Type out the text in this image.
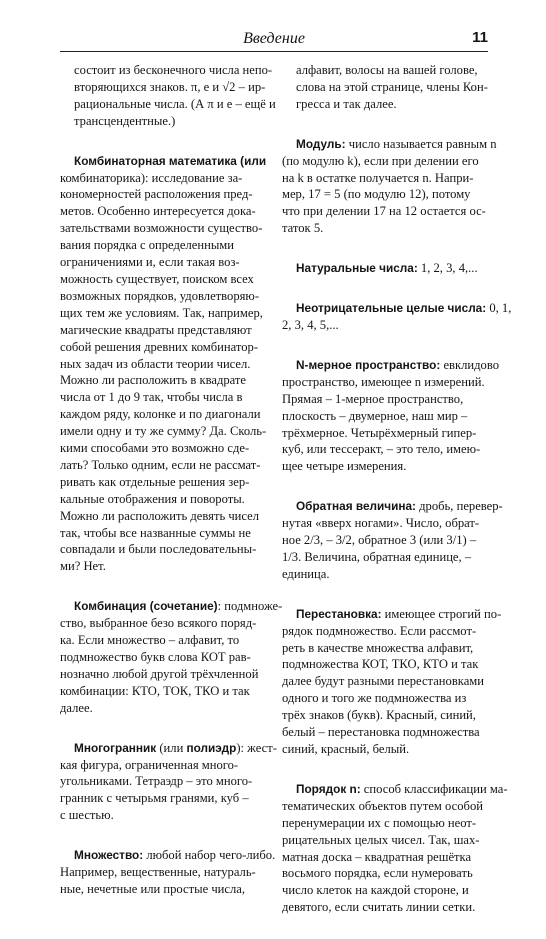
Введение	11
состоит из бесконечного числа непо-
вторяющихся знаков. π, e и √2 – ир-
рациональные числа. (А π и e – ещё и
трансцендентные.)
Комбинаторная математика (или
комбинаторика): исследование за-
кономерностей расположения пред-
метов. Особенно интересуется дока-
зательствами возможности существо-
вания порядка с определенными
ограничениями и, если такая воз-
можность существует, поиском всех
возможных порядков, удовлетворяю-
щих тем же условиям. Так, например,
магические квадраты представляют
собой решения древних комбинатор-
ных задач из области теории чисел.
Можно ли расположить в квадрате
числа от 1 до 9 так, чтобы числа в
каждом ряду, колонке и по диагонали
имели одну и ту же сумму? Да. Сколь-
кими способами это возможно сде-
лать? Только одним, если не рассмат-
ривать как отдельные решения зер-
кальные отображения и повороты.
Можно ли расположить девять чисел
так, чтобы все названные суммы не
совпадали и были последовательны-
ми? Нет.
Комбинация (сочетание): подмноже-
ство, выбранное безо всякого поряд-
ка. Если множество – алфавит, то
подмножество букв слова КОТ рав-
нозначно любой другой трёхчленной
комбинации: КТО, ТОК, ТКО и так
далее.
Многогранник (или полиэдр): жест-
кая фигура, ограниченная много-
угольниками. Тетраэдр – это много-
гранник с четырьмя гранями, куб –
с шестью.
Множество: любой набор чего-либо.
Например, вещественные, натураль-
ные, нечетные или простые числа,
алфавит, волосы на вашей голове,
слова на этой странице, члены Кон-
гресса и так далее.
Модуль: число называется равным n
(по модулю k), если при делении его
на k в остатке получается n. Напри-
мер, 17 = 5 (по модулю 12), потому
что при делении 17 на 12 остается ос-
таток 5.
Натуральные числа: 1, 2, 3, 4,...
Неотрицательные целые числа: 0, 1,
2, 3, 4, 5,...
N-мерное пространство: евклидово
пространство, имеющее n измерений.
Прямая – 1-мерное пространство,
плоскость – двумерное, наш мир –
трёхмерное. Четырёхмерный гипер-
куб, или тессеракт, – это тело, имею-
щее четыре измерения.
Обратная величина: дробь, перевер-
нутая «вверх ногами». Число, обрат-
ное 2/3, – 3/2, обратное 3 (или 3/1) –
1/3. Величина, обратная единице, –
единица.
Перестановка: имеющее строгий по-
рядок подмножество. Если рассмот-
реть в качестве множества алфавит,
подмножества КОТ, ТКО, КТО и так
далее будут разными перестановками
одного и того же подмножества из
трёх знаков (букв). Красный, синий,
белый – перестановка подмножества
синий, красный, белый.
Порядок n: способ классификации ма-
тематических объектов путем особой
перенумерации их с помощью неот-
рицательных целых чисел. Так, шах-
матная доска – квадратная решётка
восьмого порядка, если нумеровать
число клеток на каждой стороне, и
девятого, если считать линии сетки.
